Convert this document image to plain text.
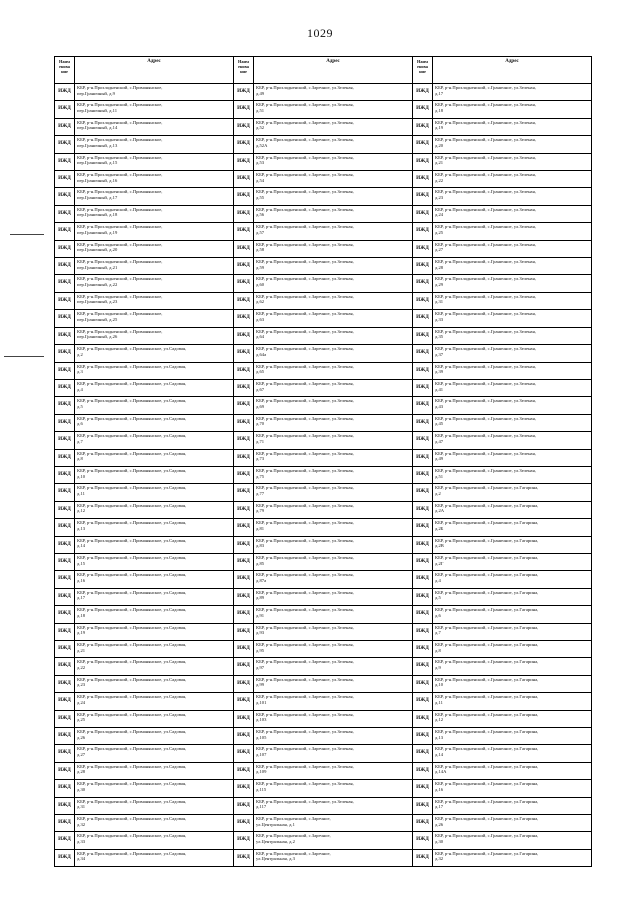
1029
Наим
енова
ние
Адрес
ИЖД
КБР, р-н.Прохладненский, с.Приманянское,
пер.Граничный, д.9
ИЖД
КБР, р-н.Прохладненский, с.Приманянское,
пер.Граничный, д.11
ИЖД
КБР, р-н.Прохладненский, с.Приманянское,
пер.Граничный, д.14
ИЖД
КБР, р-н.Прохладненский, с.Приманянское,
пер.Граничный, д.13
ИЖД
КБР, р-н.Прохладненский, с.Приманянское,
пер.Граничный, д.15
ИЖД
КБР, р-н.Прохладненский, с.Приманянское,
пер.Граничный, д.16
ИЖД
КБР, р-н.Прохладненский, с.Приманянское,
пер.Граничный, д.17
ИЖД
КБР, р-н.Прохладненский, с.Приманянское,
пер.Граничный, д.18
ИЖД
КБР, р-н.Прохладненский, с.Приманянское,
пер.Граничный, д.19
ИЖД
КБР, р-н.Прохладненский, с.Приманянское,
пер.Граничный, д.20
ИЖД
КБР, р-н.Прохладненский, с.Приманянское,
пер.Граничный, д.21
ИЖД
КБР, р-н.Прохладненский, с.Приманянское,
пер.Граничный, д.22
ИЖД
КБР, р-н.Прохладненский, с.Приманянское,
пер.Граничный, д.23
ИЖД
КБР, р-н.Прохладненский, с.Приманянское,
пер.Граничный, д.25
ИЖД
КБР, р-н.Прохладненский, с.Приманянское,
пер.Граничный, д.26
ИЖД
КБР, р-н.Прохладненский, с.Приманянское, ул.Садовая,
д.2
ИЖД
КБР, р-н.Прохладненский, с.Приманянское, ул.Садовая,
д.3
ИЖД
КБР, р-н.Прохладненский, с.Приманянское, ул.Садовая,
д.4
ИЖД
КБР, р-н.Прохладненский, с.Приманянское, ул.Садовая,
д.5
ИЖД
КБР, р-н.Прохладненский, с.Приманянское, ул.Садовая,
д.6
ИЖД
КБР, р-н.Прохладненский, с.Приманянское, ул.Садовая,
д.7
ИЖД
КБР, р-н.Прохладненский, с.Приманянское, ул.Садовая,
д.8
ИЖД
КБР, р-н.Прохладненский, с.Приманянское, ул.Садовая,
д.10
ИЖД
КБР, р-н.Прохладненский, с.Приманянское, ул.Садовая,
д.11
ИЖД
КБР, р-н.Прохладненский, с.Приманянское, ул.Садовая,
д.12
ИЖД
КБР, р-н.Прохладненский, с.Приманянское, ул.Садовая,
д.13
ИЖД
КБР, р-н.Прохладненский, с.Приманянское, ул.Садовая,
д.14
ИЖД
КБР, р-н.Прохладненский, с.Приманянское, ул.Садовая,
д.15
ИЖД
КБР, р-н.Прохладненский, с.Приманянское, ул.Садовая,
д.16
ИЖД
КБР, р-н.Прохладненский, с.Приманянское, ул.Садовая,
д.17
ИЖД
КБР, р-н.Прохладненский, с.Приманянское, ул.Садовая,
д.18
ИЖД
КБР, р-н.Прохладненский, с.Приманянское, ул.Садовая,
д.19
ИЖД
КБР, р-н.Прохладненский, с.Приманянское, ул.Садовая,
д.21
ИЖД
КБР, р-н.Прохладненский, с.Приманянское, ул.Садовая,
д.22
ИЖД
КБР, р-н.Прохладненский, с.Приманянское, ул.Садовая,
д.23
ИЖД
КБР, р-н.Прохладненский, с.Приманянское, ул.Садовая,
д.24
ИЖД
КБР, р-н.Прохладненский, с.Приманянское, ул.Садовая,
д.25
ИЖД
КБР, р-н.Прохладненский, с.Приманянское, ул.Садовая,
д.26
ИЖД
КБР, р-н.Прохладненский, с.Приманянское, ул.Садовая,
д.27
ИЖД
КБР, р-н.Прохладненский, с.Приманянское, ул.Садовая,
д.28
ИЖД
КБР, р-н.Прохладненский, с.Приманянское, ул.Садовая,
д.30
ИЖД
КБР, р-н.Прохладненский, с.Приманянское, ул.Садовая,
д.31
ИЖД
КБР, р-н.Прохладненский, с.Приманянское, ул.Садовая,
д.32
ИЖД
КБР, р-н.Прохладненский, с.Приманянское, ул.Садовая,
д.33
ИЖД
КБР, р-н.Прохладненский, с.Приманянское, ул.Садовая,
д.34
Наим
енова
ние
Адрес
ИЖД
КБР, р-н.Прохладненский, с.Заречное, ул.Зеленая,
д.49
ИЖД
КБР, р-н.Прохладненский, с.Заречное, ул.Зеленая,
д.51
ИЖД
КБР, р-н.Прохладненский, с.Заречное, ул.Зеленая,
д.52
ИЖД
КБР, р-н.Прохладненский, с.Заречное, ул.Зеленая,
д.52А
ИЖД
КБР, р-н.Прохладненский, с.Заречное, ул.Зеленая,
д.53
ИЖД
КБР, р-н.Прохладненский, с.Заречное, ул.Зеленая,
д.54
ИЖД
КБР, р-н.Прохладненский, с.Заречное, ул.Зеленая,
д.55
ИЖД
КБР, р-н.Прохладненский, с.Заречное, ул.Зеленая,
д.56
ИЖД
КБР, р-н.Прохладненский, с.Заречное, ул.Зеленая,
д.57
ИЖД
КБР, р-н.Прохладненский, с.Заречное, ул.Зеленая,
д.58
ИЖД
КБР, р-н.Прохладненский, с.Заречное, ул.Зеленая,
д.59
ИЖД
КБР, р-н.Прохладненский, с.Заречное, ул.Зеленая,
д.60
ИЖД
КБР, р-н.Прохладненский, с.Заречное, ул.Зеленая,
д.62
ИЖД
КБР, р-н.Прохладненский, с.Заречное, ул.Зеленая,
д.63
ИЖД
КБР, р-н.Прохладненский, с.Заречное, ул.Зеленая,
д.64
ИЖД
КБР, р-н.Прохладненский, с.Заречное, ул.Зеленая,
д.64а
ИЖД
КБР, р-н.Прохладненский, с.Заречное, ул.Зеленая,
д.65
ИЖД
КБР, р-н.Прохладненский, с.Заречное, ул.Зеленая,
д.67
ИЖД
КБР, р-н.Прохладненский, с.Заречное, ул.Зеленая,
д.69
ИЖД
КБР, р-н.Прохладненский, с.Заречное, ул.Зеленая,
д.70
ИЖД
КБР, р-н.Прохладненский, с.Заречное, ул.Зеленая,
д.71
ИЖД
КБР, р-н.Прохладненский, с.Заречное, ул.Зеленая,
д.73
ИЖД
КБР, р-н.Прохладненский, с.Заречное, ул.Зеленая,
д.75
ИЖД
КБР, р-н.Прохладненский, с.Заречное, ул.Зеленая,
д.77
ИЖД
КБР, р-н.Прохладненский, с.Заречное, ул.Зеленая,
д.79
ИЖД
КБР, р-н.Прохладненский, с.Заречное, ул.Зеленая,
д.81
ИЖД
КБР, р-н.Прохладненский, с.Заречное, ул.Зеленая,
д.83
ИЖД
КБР, р-н.Прохладненский, с.Заречное, ул.Зеленая,
д.85
ИЖД
КБР, р-н.Прохладненский, с.Заречное, ул.Зеленая,
д.87а
ИЖД
КБР, р-н.Прохладненский, с.Заречное, ул.Зеленая,
д.89
ИЖД
КБР, р-н.Прохладненский, с.Заречное, ул.Зеленая,
д.91
ИЖД
КБР, р-н.Прохладненский, с.Заречное, ул.Зеленая,
д.93
ИЖД
КБР, р-н.Прохладненский, с.Заречное, ул.Зеленая,
д.95
ИЖД
КБР, р-н.Прохладненский, с.Заречное, ул.Зеленая,
д.97
ИЖД
КБР, р-н.Прохладненский, с.Заречное, ул.Зеленая,
д.99
ИЖД
КБР, р-н.Прохладненский, с.Заречное, ул.Зеленая,
д.101
ИЖД
КБР, р-н.Прохладненский, с.Заречное, ул.Зеленая,
д.103
ИЖД
КБР, р-н.Прохладненский, с.Заречное, ул.Зеленая,
д.105
ИЖД
КБР, р-н.Прохладненский, с.Заречное, ул.Зеленая,
д.107
ИЖД
КБР, р-н.Прохладненский, с.Заречное, ул.Зеленая,
д.109
ИЖД
КБР, р-н.Прохладненский, с.Заречное, ул.Зеленая,
д.115
ИЖД
КБР, р-н.Прохладненский, с.Заречное, ул.Зеленая,
д.117
ИЖД
КБР, р-н.Прохладненский, с.Заречное,
ул.Центральная, д.1
ИЖД
КБР, р-н.Прохладненский, с.Заречное,
ул.Центральная, д.2
ИЖД
КБР, р-н.Прохладненский, с.Заречное,
ул.Центральная, д.3
Наим
енова
ние
Адрес
ИЖД
КБР, р-н.Прохладненский, с.Граничное, ул.Зеленая,
д.17
ИЖД
КБР, р-н.Прохладненский, с.Граничное, ул.Зеленая,
д.18
ИЖД
КБР, р-н.Прохладненский, с.Граничное, ул.Зеленая,
д.19
ИЖД
КБР, р-н.Прохладненский, с.Граничное, ул.Зеленая,
д.20
ИЖД
КБР, р-н.Прохладненский, с.Граничное, ул.Зеленая,
д.21
ИЖД
КБР, р-н.Прохладненский, с.Граничное, ул.Зеленая,
д.22
ИЖД
КБР, р-н.Прохладненский, с.Граничное, ул.Зеленая,
д.23
ИЖД
КБР, р-н.Прохладненский, с.Граничное, ул.Зеленая,
д.24
ИЖД
КБР, р-н.Прохладненский, с.Граничное, ул.Зеленая,
д.25
ИЖД
КБР, р-н.Прохладненский, с.Граничное, ул.Зеленая,
д.27
ИЖД
КБР, р-н.Прохладненский, с.Граничное, ул.Зеленая,
д.28
ИЖД
КБР, р-н.Прохладненский, с.Граничное, ул.Зеленая,
д.29
ИЖД
КБР, р-н.Прохладненский, с.Граничное, ул.Зеленая,
д.31
ИЖД
КБР, р-н.Прохладненский, с.Граничное, ул.Зеленая,
д.33
ИЖД
КБР, р-н.Прохладненский, с.Граничное, ул.Зеленая,
д.35
ИЖД
КБР, р-н.Прохладненский, с.Граничное, ул.Зеленая,
д.37
ИЖД
КБР, р-н.Прохладненский, с.Граничное, ул.Зеленая,
д.39
ИЖД
КБР, р-н.Прохладненский, с.Граничное, ул.Зеленая,
д.41
ИЖД
КБР, р-н.Прохладненский, с.Граничное, ул.Зеленая,
д.43
ИЖД
КБР, р-н.Прохладненский, с.Граничное, ул.Зеленая,
д.45
ИЖД
КБР, р-н.Прохладненский, с.Граничное, ул.Зеленая,
д.47
ИЖД
КБР, р-н.Прохладненский, с.Граничное, ул.Зеленая,
д.49
ИЖД
КБР, р-н.Прохладненский, с.Граничное, ул.Зеленая,
д.51
ИЖД
КБР, р-н.Прохладненский, с.Граничное, ул.Гагарина,
д.2
ИЖД
КБР, р-н.Прохладненский, с.Граничное, ул.Гагарина,
д.2А
ИЖД
КБР, р-н.Прохладненский, с.Граничное, ул.Гагарина,
д.2Б
ИЖД
КБР, р-н.Прохладненский, с.Граничное, ул.Гагарина,
д.2В
ИЖД
КБР, р-н.Прохладненский, с.Граничное, ул.Гагарина,
д.2Г
ИЖД
КБР, р-н.Прохладненский, с.Граничное, ул.Гагарина,
д.4
ИЖД
КБР, р-н.Прохладненский, с.Граничное, ул.Гагарина,
д.5
ИЖД
КБР, р-н.Прохладненский, с.Граничное, ул.Гагарина,
д.6
ИЖД
КБР, р-н.Прохладненский, с.Граничное, ул.Гагарина,
д.7
ИЖД
КБР, р-н.Прохладненский, с.Граничное, ул.Гагарина,
д.8
ИЖД
КБР, р-н.Прохладненский, с.Граничное, ул.Гагарина,
д.9
ИЖД
КБР, р-н.Прохладненский, с.Граничное, ул.Гагарина,
д.10
ИЖД
КБР, р-н.Прохладненский, с.Граничное, ул.Гагарина,
д.11
ИЖД
КБР, р-н.Прохладненский, с.Граничное, ул.Гагарина,
д.12
ИЖД
КБР, р-н.Прохладненский, с.Граничное, ул.Гагарина,
д.13
ИЖД
КБР, р-н.Прохладненский, с.Граничное, ул.Гагарина,
д.14
ИЖД
КБР, р-н.Прохладненский, с.Граничное, ул.Гагарина,
д.14А
ИЖД
КБР, р-н.Прохладненский, с.Граничное, ул.Гагарина,
д.16
ИЖД
КБР, р-н.Прохладненский, с.Граничное, ул.Гагарина,
д.17
ИЖД
КБР, р-н.Прохладненский, с.Граничное, ул.Гагарина,
д.26
ИЖД
КБР, р-н.Прохладненский, с.Граничное, ул.Гагарина,
д.30
ИЖД
КБР, р-н.Прохладненский, с.Граничное, ул.Гагарина,
д.32
